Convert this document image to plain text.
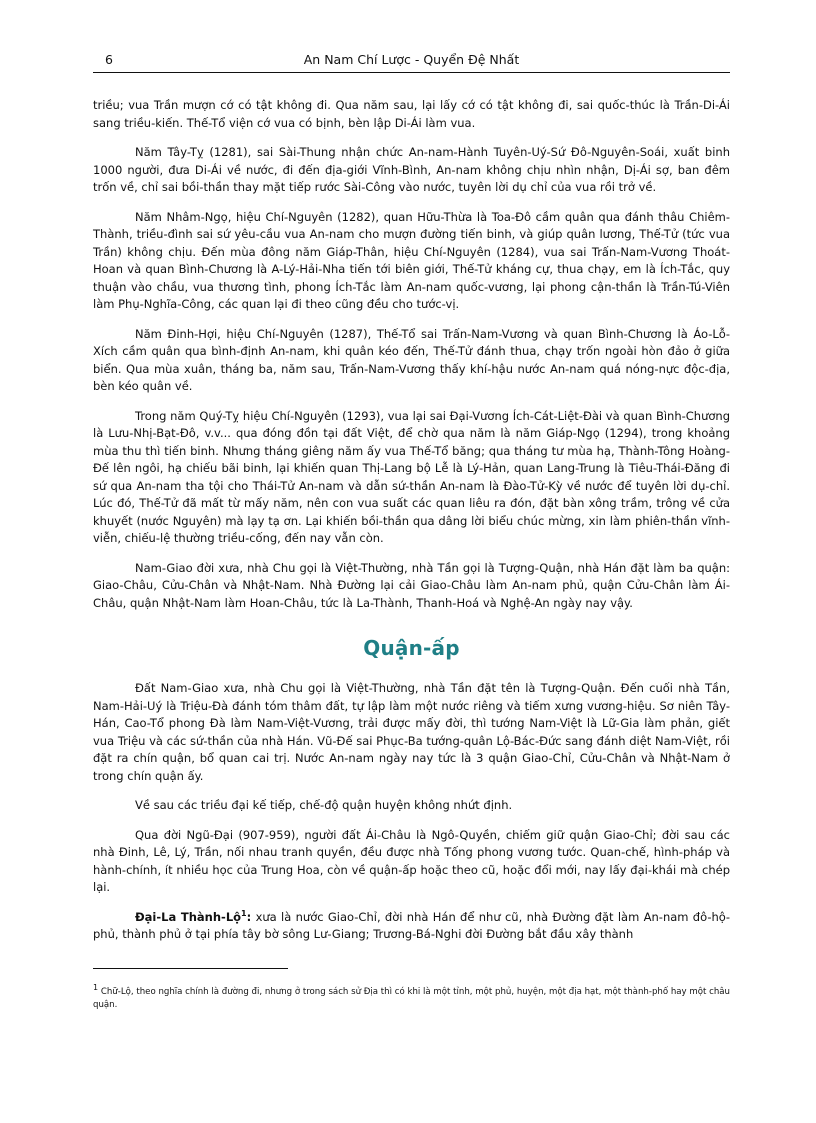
6	An Nam Chí Lược - Quyển Đệ Nhất

triều; vua Trần mượn cớ có tật không đi. Qua năm sau, lại lấy cớ có tật không đi, sai quốc-thúc là Trần-Di-Ái sang triều-kiến. Thế-Tổ viện cớ vua có bịnh, bèn lập Di-Ái làm vua.

Năm Tây-Tỵ (1281), sai Sài-Thung nhận chức An-nam-Hành Tuyên-Uý-Sứ Đô-Nguyên-Soái, xuất binh 1000 người, đưa Di-Ái về nước, đi đến địa-giới Vĩnh-Bình, An-nam không chịu nhìn nhận, Dị-Ái sợ, ban đêm trốn về, chỉ sai bồi-thần thay mặt tiếp rước Sài-Công vào nước, tuyên lời dụ chỉ của vua rồi trở về.

Năm Nhâm-Ngọ, hiệu Chí-Nguyên (1282), quan Hữu-Thừa là Toa-Đô cầm quân qua đánh thâu Chiêm-Thành, triều-đình sai sứ yêu-cầu vua An-nam cho mượn đường tiến binh, và giúp quân lương, Thế-Tử (tức vua Trần) không chịu. Đến mùa đông năm Giáp-Thân, hiệu Chí-Nguyên (1284), vua sai Trấn-Nam-Vương Thoát-Hoan và quan Bình-Chương là A-Lý-Hải-Nha tiến tới biên giới, Thế-Tử kháng cự, thua chạy, em là Ích-Tắc, quy thuận vào chầu, vua thương tình, phong Ích-Tắc làm An-nam quốc-vương, lại phong cận-thần là Trần-Tú-Viên làm Phụ-Nghĩa-Công, các quan lại đi theo cũng đều cho tước-vị.

Năm Đinh-Hợi, hiệu Chí-Nguyên (1287), Thế-Tổ sai Trấn-Nam-Vương và quan Bình-Chương là Áo-Lỗ-Xích cầm quân qua bình-định An-nam, khi quân kéo đến, Thế-Tử đánh thua, chạy trốn ngoài hòn đảo ở giữa biển. Qua mùa xuân, tháng ba, năm sau, Trấn-Nam-Vương thấy khí-hậu nước An-nam quá nóng-nực độc-địa, bèn kéo quân về.

Trong năm Quý-Tỵ hiệu Chí-Nguyên (1293), vua lại sai Đại-Vương Ích-Cát-Liệt-Đài và quan Bình-Chương là Lưu-Nhị-Bạt-Đô, v.v... qua đóng đồn tại đất Việt, để chờ qua năm là năm Giáp-Ngọ (1294), trong khoảng mùa thu thì tiến binh. Nhưng tháng giêng năm ấy vua Thế-Tổ băng; qua tháng tư mùa hạ, Thành-Tông Hoàng-Đế lên ngôi, hạ chiếu bãi binh, lại khiến quan Thị-Lang bộ Lễ là Lý-Hản, quan Lang-Trung là Tiêu-Thái-Đăng đi sứ qua An-nam tha tội cho Thái-Tử An-nam và dẫn sứ-thần An-nam là Đào-Tử-Kỳ về nước để tuyên lời dụ-chỉ. Lúc đó, Thế-Tử đã mất từ mấy năm, nên con vua suất các quan liêu ra đón, đặt bàn xông trầm, trông về cửa khuyết (nước Nguyên) mà lạy tạ ơn. Lại khiến bồi-thần qua dâng lời biểu chúc mừng, xin làm phiên-thần vĩnh-viễn, chiếu-lệ thường triều-cống, đến nay vẫn còn.

Nam-Giao đời xưa, nhà Chu gọi là Việt-Thường, nhà Tần gọi là Tượng-Quận, nhà Hán đặt làm ba quận: Giao-Châu, Cửu-Chân và Nhật-Nam. Nhà Đường lại cải Giao-Châu làm An-nam phủ, quận Cửu-Chân làm Ái-Châu, quận Nhật-Nam làm Hoan-Châu, tức là La-Thành, Thanh-Hoá và Nghệ-An ngày nay vậy.

Quận-ấp

Đất Nam-Giao xưa, nhà Chu gọi là Việt-Thường, nhà Tần đặt tên là Tượng-Quận. Đến cuối nhà Tần, Nam-Hải-Uý là Triệu-Đà đánh tóm thâm đất, tự lập làm một nước riêng và tiếm xưng vương-hiệu. Sơ niên Tây-Hán, Cao-Tổ phong Đà làm Nam-Việt-Vương, trải được mấy đời, thì tướng Nam-Việt là Lữ-Gia làm phản, giết vua Triệu và các sứ-thần của nhà Hán. Vũ-Đế sai Phục-Ba tướng-quân Lộ-Bác-Đức sang đánh diệt Nam-Việt, rồi đặt ra chín quận, bổ quan cai trị. Nước An-nam ngày nay tức là 3 quận Giao-Chỉ, Cửu-Chân và Nhật-Nam ở trong chín quận ấy.

Về sau các triều đại kế tiếp, chế-độ quận huyện không nhứt định.

Qua đời Ngũ-Đại (907-959), người đất Ái-Châu là Ngô-Quyền, chiếm giữ quận Giao-Chỉ; đời sau các nhà Đinh, Lê, Lý, Trần, nối nhau tranh quyền, đều được nhà Tống phong vương tước. Quan-chế, hình-pháp và hành-chính, ít nhiều học của Trung Hoa, còn về quận-ấp hoặc theo cũ, hoặc đổi mới, nay lấy đại-khái mà chép lại.

Đại-La Thành-Lộ$^1$: xưa là nước Giao-Chỉ, đời nhà Hán để như cũ, nhà Đường đặt làm An-nam đô-hộ-phủ, thành phủ ở tại phía tây bờ sông Lư-Giang; Trương-Bá-Nghi đời Đường bắt đầu xây thành

$^1$ Chữ-Lộ, theo nghĩa chính là đường đi, nhưng ở trong sách sử Địa thì có khi là một tỉnh, một phủ, huyện, một địa hạt, một thành-phố hay một châu quận.
